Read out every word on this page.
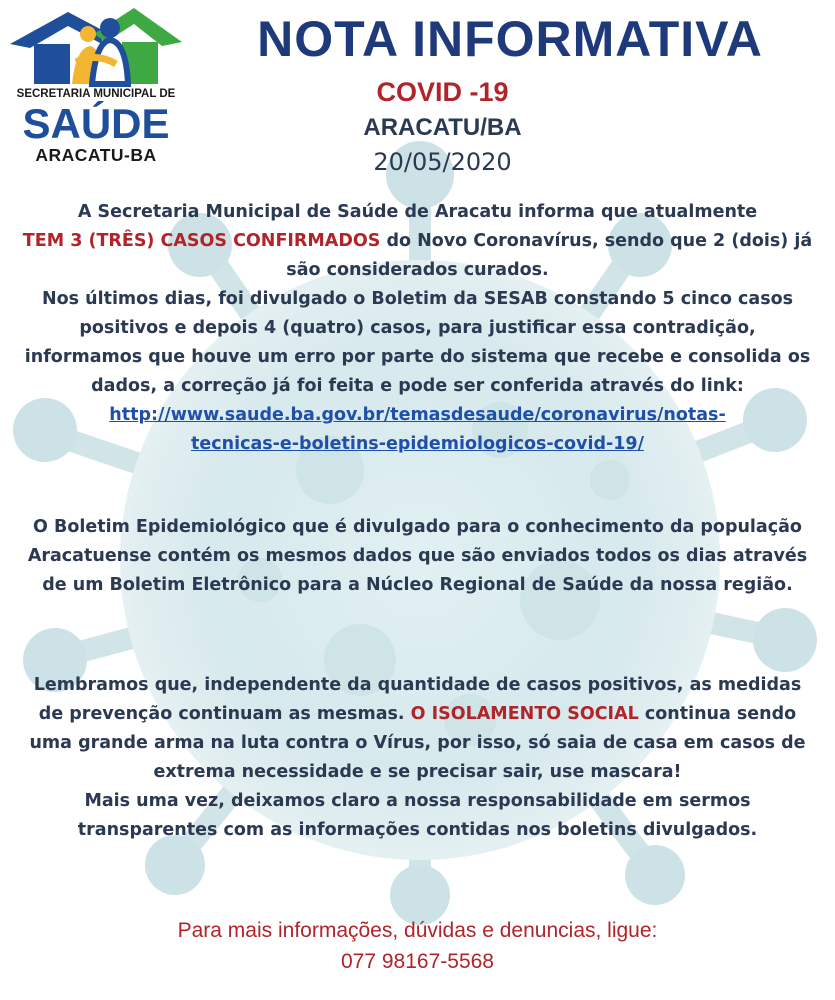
SECRETARIA MUNICIPAL DE
SAÚDE
ARACATU-BA
NOTA INFORMATIVA
COVID -19
ARACATU/BA
20/05/2020
A Secretaria Municipal de Saúde de Aracatu informa que atualmente
TEM 3 (TRÊS) CASOS CONFIRMADOS do Novo Coronavírus, sendo que 2 (dois) já são considerados curados.
Nos últimos dias, foi divulgado o Boletim da SESAB constando 5 cinco casos positivos e depois 4 (quatro) casos, para justificar essa contradição, informamos que houve um erro por parte do sistema que recebe e consolida os dados, a correção já foi feita e pode ser conferida através do link:
http://www.saude.ba.gov.br/temasdesaude/coronavirus/notas-
tecnicas-e-boletins-epidemiologicos-covid-19/
O Boletim Epidemiológico que é divulgado para o conhecimento da população Aracatuense contém os mesmos dados que são enviados todos os dias através de um Boletim Eletrônico para a Núcleo Regional de Saúde da nossa região.
Lembramos que, independente da quantidade de casos positivos, as medidas de prevenção continuam as mesmas. O ISOLAMENTO SOCIAL continua sendo uma grande arma na luta contra o Vírus, por isso, só saia de casa em casos de extrema necessidade e se precisar sair, use mascara!
Mais uma vez, deixamos claro a nossa responsabilidade em sermos transparentes com as informações contidas nos boletins divulgados.
Para mais informações, dúvidas e denuncias, ligue:
077 98167-5568
